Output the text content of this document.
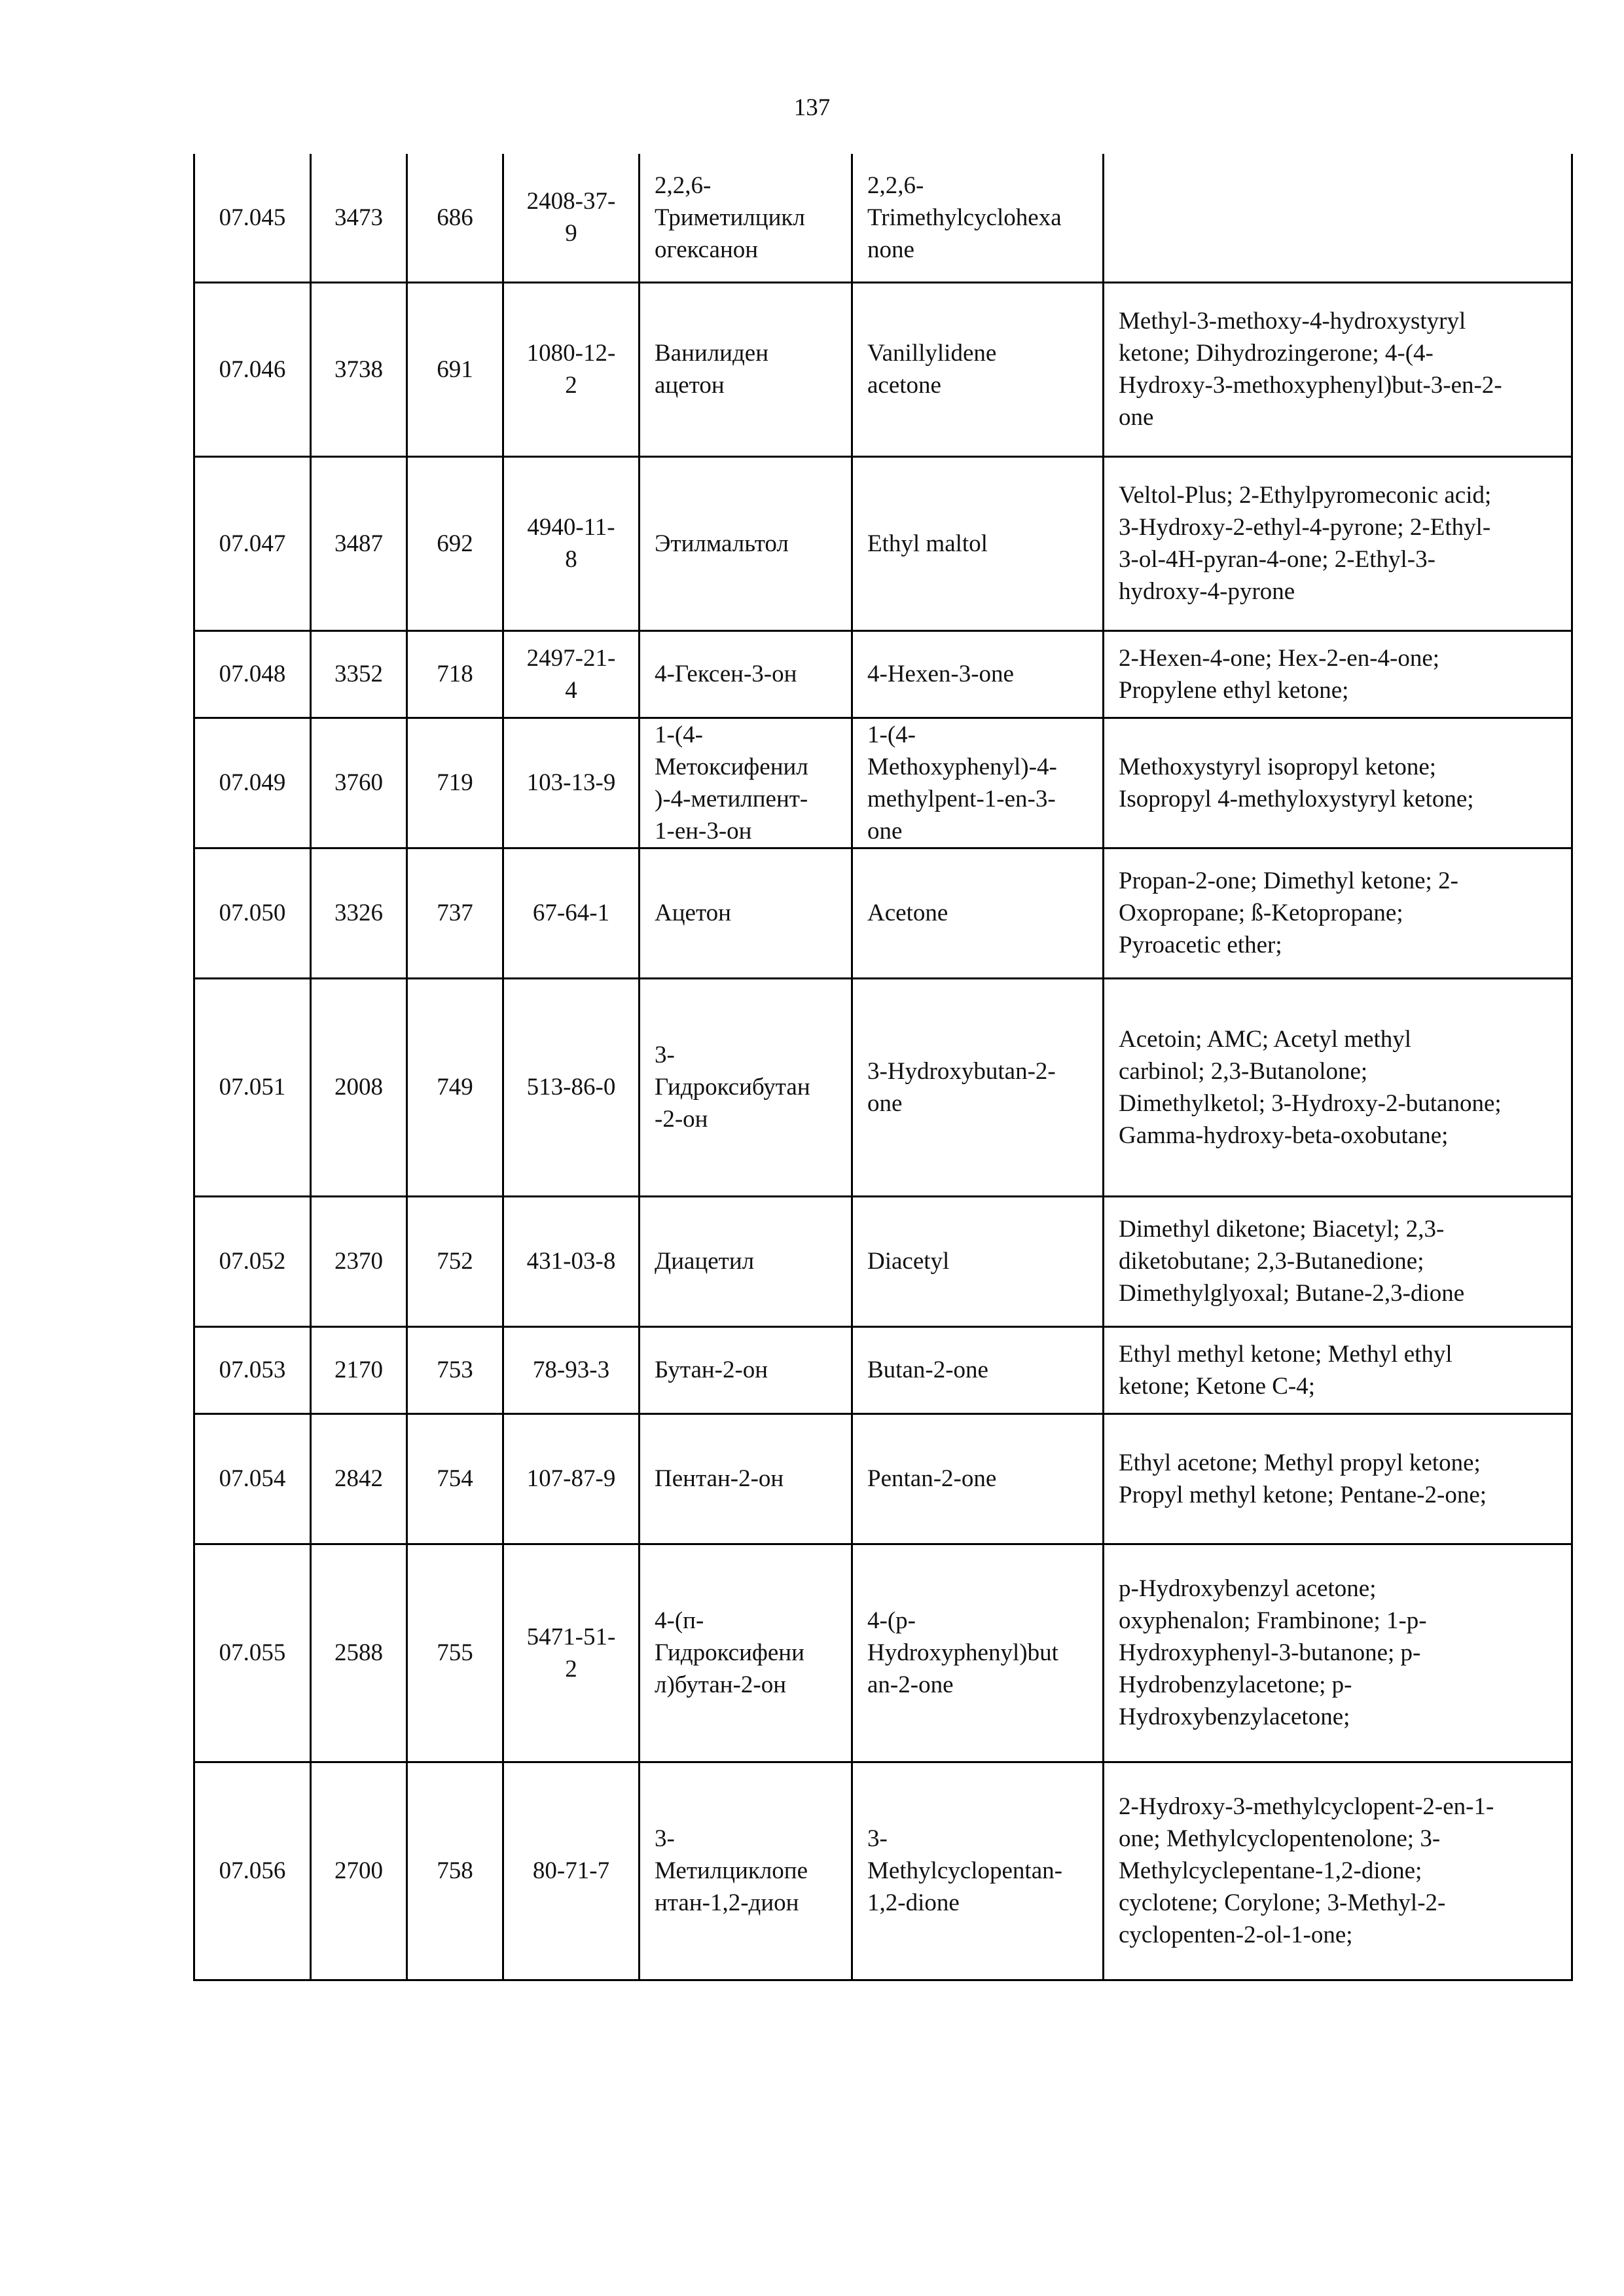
137
07.045	3473	686	2408-37-
9	2,2,6-
Триметилцикл
огексанон	2,2,6-
Trimethylcyclohexa
none	
07.046	3738	691	1080-12-
2	Ванилиден
ацетон	Vanillylidene
acetone	Methyl-3-methoxy-4-hydroxystyryl
ketone; Dihydrozingerone; 4-(4-
Hydroxy-3-methoxyphenyl)but-3-en-2-
one
07.047	3487	692	4940-11-
8	Этилмальтол	Ethyl maltol	Veltol-Plus; 2-Ethylpyromeconic acid;
3-Hydroxy-2-ethyl-4-pyrone; 2-Ethyl-
3-ol-4H-pyran-4-one; 2-Ethyl-3-
hydroxy-4-pyrone
07.048	3352	718	2497-21-
4	4-Гексен-3-он	4-Hexen-3-one	2-Hexen-4-one; Hex-2-en-4-one;
Propylene ethyl ketone;
07.049	3760	719	103-13-9	1-(4-
Метоксифенил
)-4-метилпент-
1-ен-3-он	1-(4-
Methoxyphenyl)-4-
methylpent-1-en-3-
one	Methoxystyryl isopropyl ketone;
Isopropyl 4-methyloxystyryl ketone;
07.050	3326	737	67-64-1	Ацетон	Acetone	Propan-2-one; Dimethyl ketone; 2-
Oxopropane; ß-Ketopropane;
Pyroacetic ether;
07.051	2008	749	513-86-0	3-
Гидроксибутан
-2-он	3-Hydroxybutan-2-
one	Acetoin; AMC; Acetyl methyl
carbinol; 2,3-Butanolone;
Dimethylketol; 3-Hydroxy-2-butanone;
Gamma-hydroxy-beta-oxobutane;
07.052	2370	752	431-03-8	Диацетил	Diacetyl	Dimethyl diketone; Biacetyl; 2,3-
diketobutane; 2,3-Butanedione;
Dimethylglyoxal; Butane-2,3-dione
07.053	2170	753	78-93-3	Бутан-2-он	Butan-2-one	Ethyl methyl ketone; Methyl ethyl
ketone; Ketone C-4;
07.054	2842	754	107-87-9	Пентан-2-он	Pentan-2-one	Ethyl acetone; Methyl propyl ketone;
Propyl methyl ketone; Pentane-2-one;
07.055	2588	755	5471-51-
2	4-(п-
Гидроксифени
л)бутан-2-он	4-(p-
Hydroxyphenyl)but
an-2-one	p-Hydroxybenzyl acetone;
oxyphenalon; Frambinone; 1-p-
Hydroxyphenyl-3-butanone; p-
Hydrobenzylacetone; p-
Hydroxybenzylacetone;
07.056	2700	758	80-71-7	3-
Метилциклопе
нтан-1,2-дион	3-
Methylcyclopentan-
1,2-dione	2-Hydroxy-3-methylcyclopent-2-en-1-
one; Methylcyclopentenolone; 3-
Methylcyclepentane-1,2-dione;
cyclotene; Corylone; 3-Methyl-2-
cyclopenten-2-ol-1-one;
